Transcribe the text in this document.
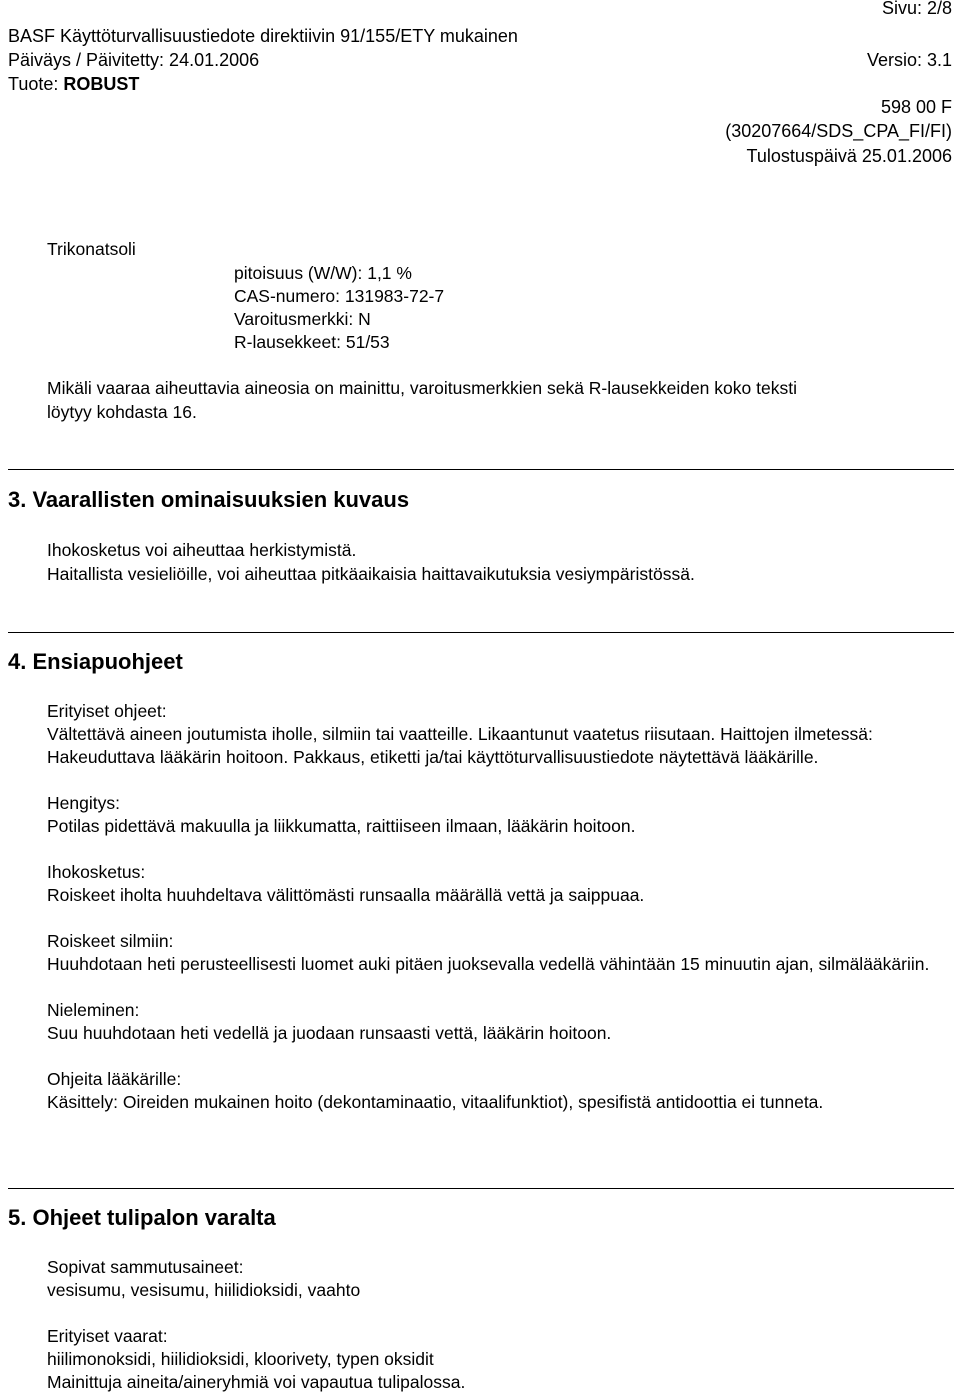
Sivu: 2/8
BASF Käyttöturvallisuustiedote direktiivin 91/155/ETY mukainen
Päiväys / Päivitetty: 24.01.2006	Versio: 3.1
Tuote: ROBUST
598 00 F
(30207664/SDS_CPA_FI/FI)
Tulostuspäivä 25.01.2006
Trikonatsoli
pitoisuus (W/W): 1,1 %
CAS-numero: 131983-72-7
Varoitusmerkki: N
R-lausekkeet: 51/53
Mikäli vaaraa aiheuttavia aineosia on mainittu, varoitusmerkkien sekä R-lausekkeiden koko teksti
löytyy kohdasta 16.
3. Vaarallisten ominaisuuksien kuvaus
Ihokosketus voi aiheuttaa herkistymistä.
Haitallista vesieliöille, voi aiheuttaa pitkäaikaisia haittavaikutuksia vesiympäristössä.
4. Ensiapuohjeet
Erityiset ohjeet:
Vältettävä aineen joutumista iholle, silmiin tai vaatteille. Likaantunut vaatetus riisutaan. Haittojen ilmetessä: Hakeuduttava lääkärin hoitoon. Pakkaus, etiketti ja/tai käyttöturvallisuustiedote näytettävä lääkärille.
Hengitys:
Potilas pidettävä makuulla ja liikkumatta, raittiiseen ilmaan, lääkärin hoitoon.
Ihokosketus:
Roiskeet iholta huuhdeltava välittömästi runsaalla määrällä vettä ja saippuaa.
Roiskeet silmiin:
Huuhdotaan heti perusteellisesti luomet auki pitäen juoksevalla vedellä vähintään 15 minuutin ajan, silmälääkäriin.
Nieleminen:
Suu huuhdotaan heti vedellä ja juodaan runsaasti vettä, lääkärin hoitoon.
Ohjeita lääkärille:
Käsittely: Oireiden mukainen hoito (dekontaminaatio, vitaalifunktiot), spesifistä antidoottia ei tunneta.
5. Ohjeet tulipalon varalta
Sopivat sammutusaineet:
vesisumu, vesisumu, hiilidioksidi, vaahto
Erityiset vaarat:
hiilimonoksidi, hiilidioksidi, kloorivety, typen oksidit
Mainittuja aineita/aineryhmiä voi vapautua tulipalossa.
